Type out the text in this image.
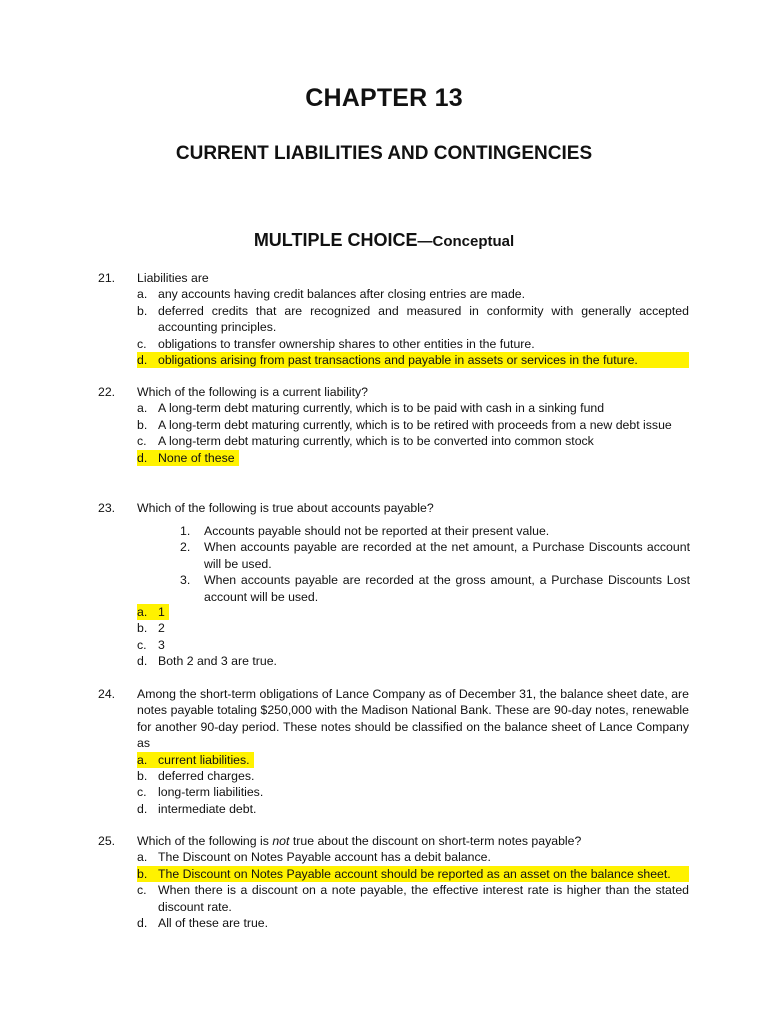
CHAPTER 13
CURRENT LIABILITIES AND CONTINGENCIES
MULTIPLE CHOICE—Conceptual
21. Liabilities are
a. any accounts having credit balances after closing entries are made.
b. deferred credits that are recognized and measured in conformity with generally accepted accounting principles.
c. obligations to transfer ownership shares to other entities in the future.
d. obligations arising from past transactions and payable in assets or services in the future.
22. Which of the following is a current liability?
a. A long-term debt maturing currently, which is to be paid with cash in a sinking fund
b. A long-term debt maturing currently, which is to be retired with proceeds from a new debt issue
c. A long-term debt maturing currently, which is to be converted into common stock
d. None of these
23. Which of the following is true about accounts payable?
1.	Accounts payable should not be reported at their present value.
2.	When accounts payable are recorded at the net amount, a Purchase Discounts account will be used.
3.	When accounts payable are recorded at the gross amount, a Purchase Discounts Lost account will be used.
a. 1
b. 2
c. 3
d. Both 2 and 3 are true.
24. Among the short-term obligations of Lance Company as of December 31, the balance sheet date, are notes payable totaling $250,000 with the Madison National Bank. These are 90-day notes, renewable for another 90-day period. These notes should be classified on the balance sheet of Lance Company as
a. current liabilities.
b. deferred charges.
c. long-term liabilities.
d. intermediate debt.
25. Which of the following is not true about the discount on short-term notes payable?
a. The Discount on Notes Payable account has a debit balance.
b. The Discount on Notes Payable account should be reported as an asset on the balance sheet.
c. When there is a discount on a note payable, the effective interest rate is higher than the stated discount rate.
d. All of these are true.
